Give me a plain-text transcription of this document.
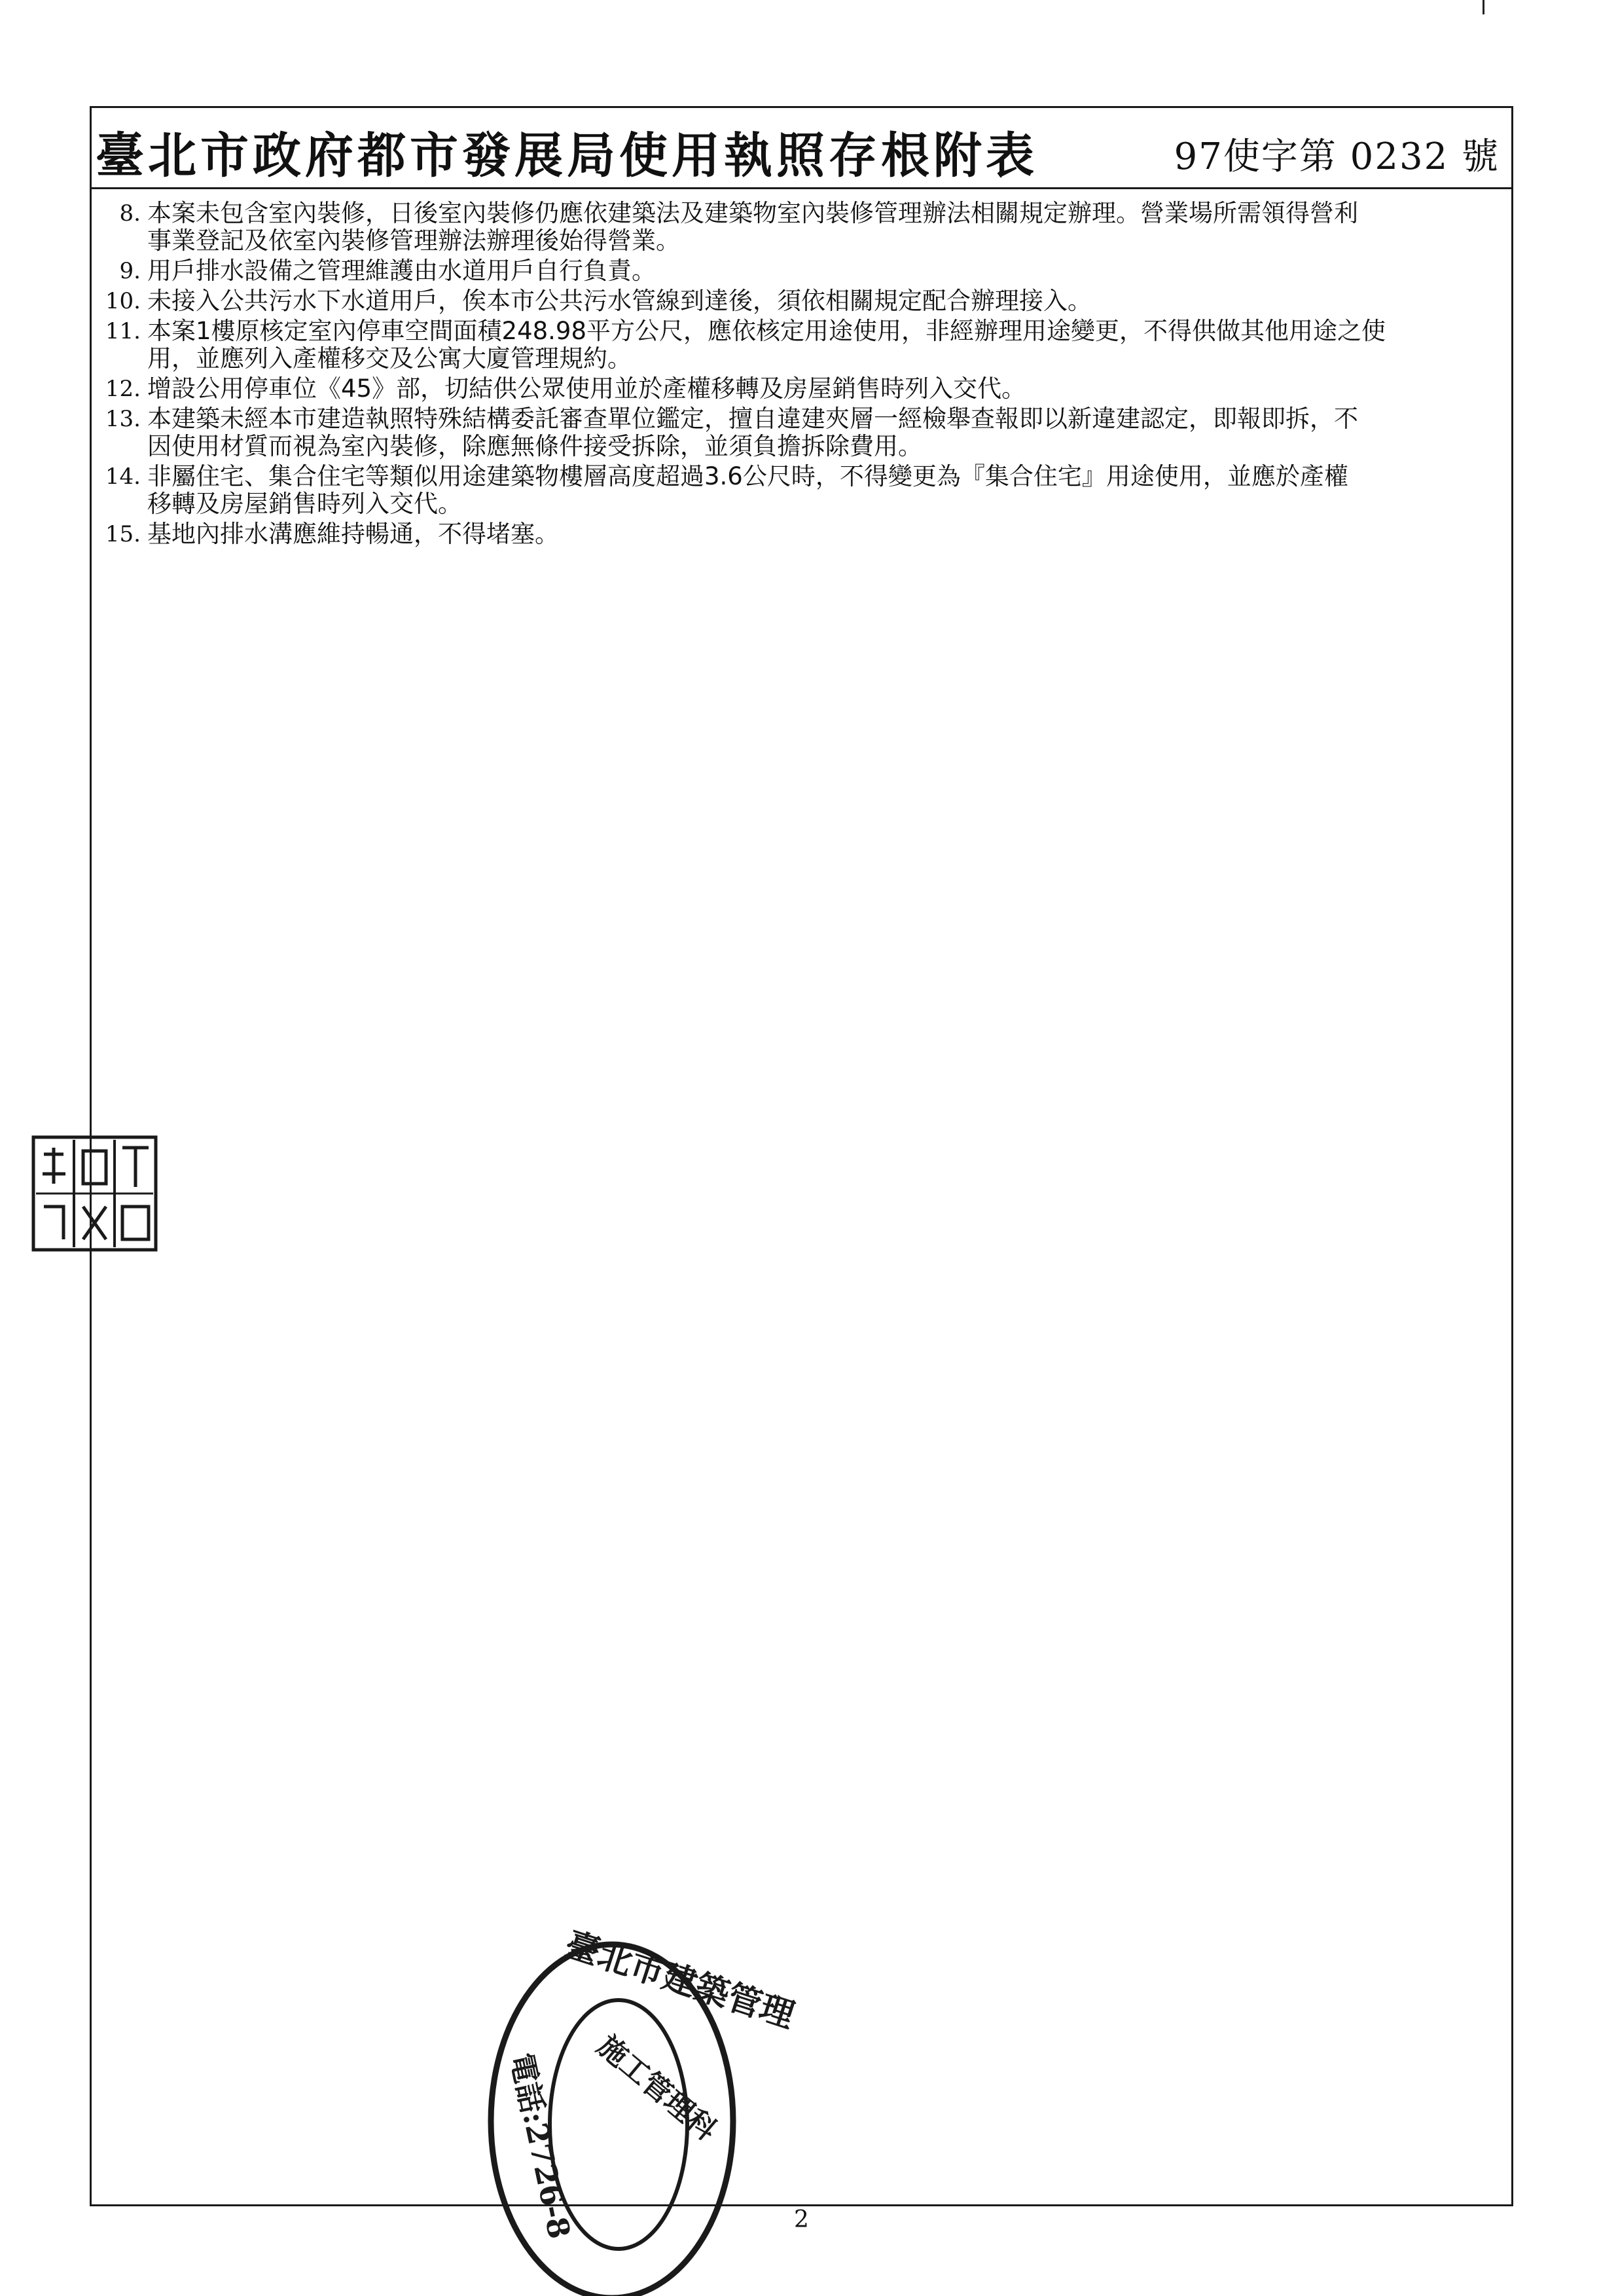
臺北市政府都市發展局使用執照存根附表	97使字第 0232 號
8. 本案未包含室內裝修，日後室內裝修仍應依建築法及建築物室內裝修管理辦法相關規定辦理。營業場所需領得營利
事業登記及依室內裝修管理辦法辦理後始得營業。
9. 用戶排水設備之管理維護由水道用戶自行負責。
10. 未接入公共污水下水道用戶，俟本市公共污水管線到達後，須依相關規定配合辦理接入。
11. 本案1樓原核定室內停車空間面積248.98平方公尺，應依核定用途使用，非經辦理用途變更，不得供做其他用途之使
用，並應列入產權移交及公寓大廈管理規約。
12. 增設公用停車位《45》部，切結供公眾使用並於產權移轉及房屋銷售時列入交代。
13. 本建築未經本市建造執照特殊結構委託審查單位鑑定，擅自違建夾層一經檢舉查報即以新違建認定，即報即拆，不
因使用材質而視為室內裝修，除應無條件接受拆除，並須負擔拆除費用。
14. 非屬住宅、集合住宅等類似用途建築物樓層高度超過3.6公尺時，不得變更為『集合住宅』用途使用，並應於產權
移轉及房屋銷售時列入交代。
15. 基地內排水溝應維持暢通，不得堵塞。
2
臺北市建築管理
電話:2726-8 施工管理科
